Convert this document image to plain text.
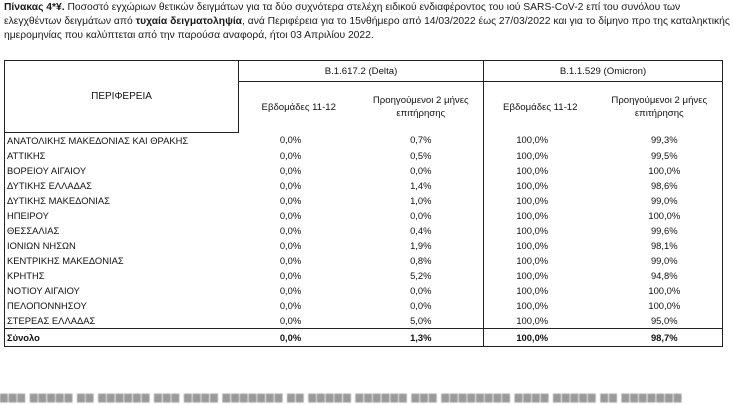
Πίνακας 4*¥. Ποσοστό εγχώριων θετικών δειγμάτων για τα δύο συχνότερα στελέχη ειδικού ενδιαφέροντος του ιού SARS-CoV-2 επί του συνόλου των ελεγχθέντων δειγμάτων από τυχαία δειγματοληψία, ανά Περιφέρεια για το 15νθήμερο από 14/03/2022 έως 27/03/2022 και για το δίμηνο προ της καταληκτικής ημερομηνίας που καλύπτεται από την παρούσα αναφορά, ήτοι 03 Απριλίου 2022.
ΠΕΡΙΦΕΡΕΙΑ	Β.1.617.2 (Delta)		Β.1.1.529 (Omicron)	
	Εβδομάδες 11-12	Προηγούμενοι 2 μήνες επιτήρησης	Εβδομάδες 11-12	Προηγούμενοι 2 μήνες επιτήρησης
ΑΝΑΤΟΛΙΚΗΣ ΜΑΚΕΔΟΝΙΑΣ ΚΑΙ ΘΡΑΚΗΣ	0,0%	0,7%	100,0%	99,3%
ΑΤΤΙΚΗΣ	0,0%	0,5%	100,0%	99,5%
ΒΟΡΕΙΟΥ ΑΙΓΑΙΟΥ	0,0%	0,0%	100,0%	100,0%
ΔΥΤΙΚΗΣ ΕΛΛΑΔΑΣ	0,0%	1,4%	100,0%	98,6%
ΔΥΤΙΚΗΣ ΜΑΚΕΔΟΝΙΑΣ	0,0%	1,0%	100,0%	99,0%
ΗΠΕΙΡΟΥ	0,0%	0,0%	100,0%	100,0%
ΘΕΣΣΑΛΙΑΣ	0,0%	0,4%	100,0%	99,6%
ΙΟΝΙΩΝ ΝΗΣΩΝ	0,0%	1,9%	100,0%	98,1%
ΚΕΝΤΡΙΚΗΣ ΜΑΚΕΔΟΝΙΑΣ	0,0%	0,8%	100,0%	99,0%
ΚΡΗΤΗΣ	0,0%	5,2%	100,0%	94,8%
ΝΟΤΙΟΥ ΑΙΓΑΙΟΥ	0,0%	0,0%	100,0%	100,0%
ΠΕΛΟΠΟΝΝΗΣΟΥ	0,0%	0,0%	100,0%	100,0%
ΣΤΕΡΕΑΣ ΕΛΛΑΔΑΣ	0,0%	5,0%	100,0%	95,0%
Σύνολο	0,0%	1,3%	100,0%	98,7%
▆▆▆ ▆▆▆▆▆ ▆▆ ▆▆▆▆▆▆ ▆▆▆ ▆▆▆▆ ▆▆▆▆▆▆▆ ▆▆ ▆▆▆▆▆ ▆▆▆▆▆▆ ▆▆▆ ▆▆▆▆▆▆▆▆ ▆▆▆▆ ▆▆▆▆▆ ▆▆ ▆▆▆▆▆▆▆
